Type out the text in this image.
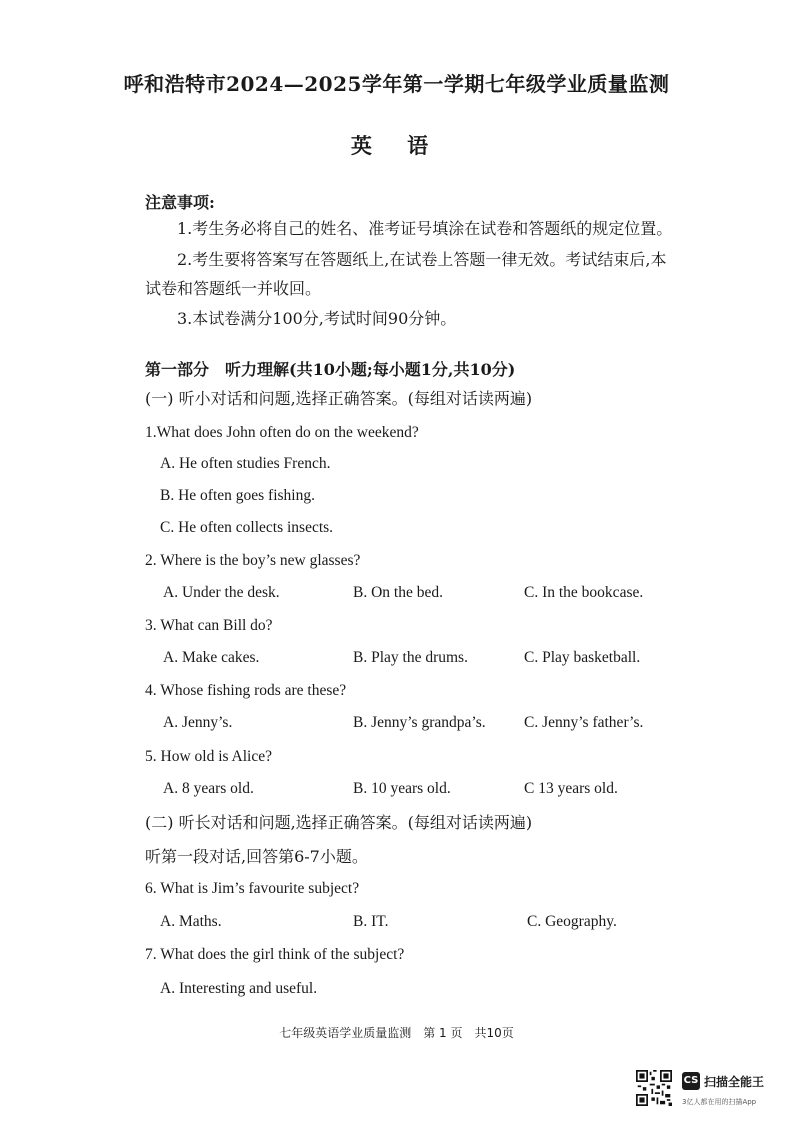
呼和浩特市2024—2025学年第一学期七年级学业质量监测
英 语
注意事项:
1.考生务必将自己的姓名、准考证号填涂在试卷和答题纸的规定位置。
2.考生要将答案写在答题纸上,在试卷上答题一律无效。考试结束后,本
试卷和答题纸一并收回。
3.本试卷满分100分,考试时间90分钟。
第一部分　听力理解(共10小题;每小题1分,共10分)
(一) 听小对话和问题,选择正确答案。(每组对话读两遍)
1.What does John often do on the weekend?
A. He often studies French.
B. He often goes fishing.
C. He often collects insects.
2. Where is the boy’s new glasses?
A. Under the desk.	B. On the bed.	C. In the bookcase.
3. What can Bill do?
A. Make cakes.	B. Play the drums.	C. Play basketball.
4. Whose fishing rods are these?
A. Jenny’s.	B. Jenny’s grandpa’s. C. Jenny’s father’s.
5. How old is Alice?
A. 8 years old.	B. 10 years old.	C 13 years old.
(二) 听长对话和问题,选择正确答案。(每组对话读两遍)
听第一段对话,回答第6-7小题。
6. What is Jim’s favourite subject?
A. Maths.	B. IT.	C. Geography.
7. What does the girl think of the subject?
A. Interesting and useful.
七年级英语学业质量监测　第 1 页　共10页
CS 扫描全能王
3亿人都在用的扫描App
